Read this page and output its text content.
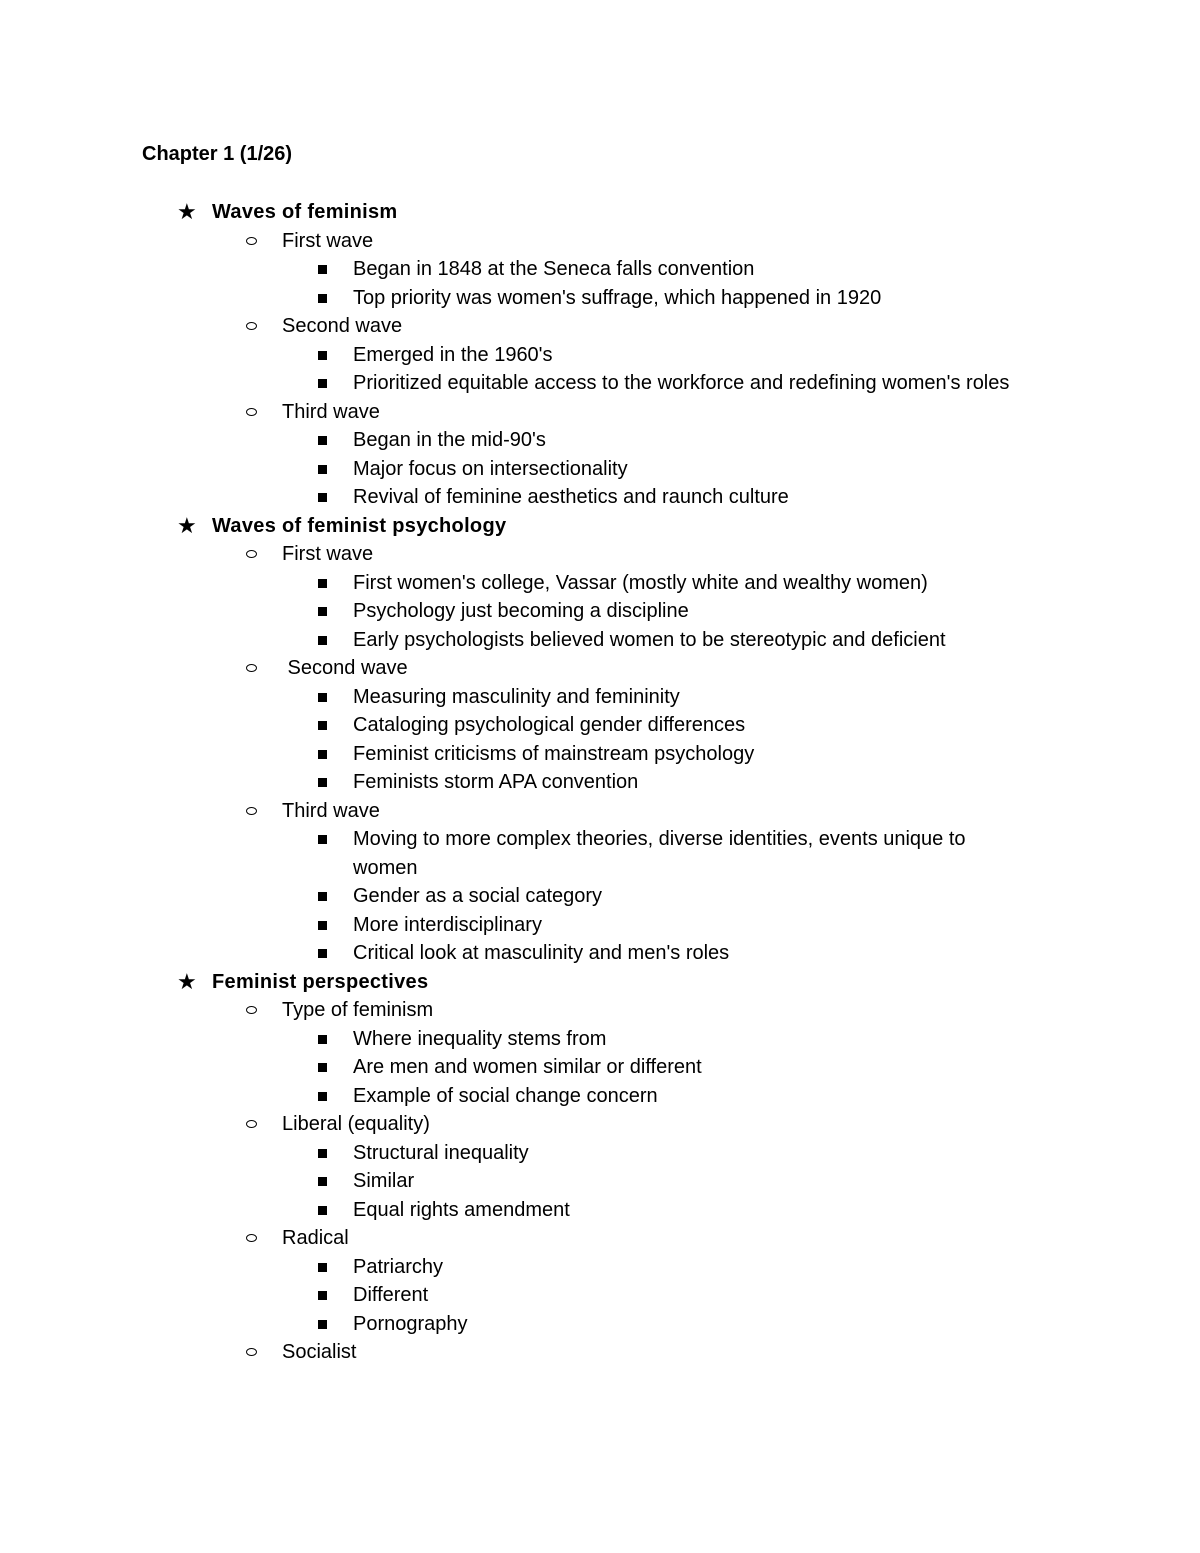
Chapter 1 (1/26)
★ Waves of feminism
First wave
Began in 1848 at the Seneca falls convention
Top priority was women's suffrage, which happened in 1920
Second wave
Emerged in the 1960's
Prioritized equitable access to the workforce and redefining women's roles
Third wave
Began in the mid-90's
Major focus on intersectionality
Revival of feminine aesthetics and raunch culture
★ Waves of feminist psychology
First wave
First women's college, Vassar (mostly white and wealthy women)
Psychology just becoming a discipline
Early psychologists believed women to be stereotypic and deficient
Second wave
Measuring masculinity and femininity
Cataloging psychological gender differences
Feminist criticisms of mainstream psychology
Feminists storm APA convention
Third wave
Moving to more complex theories, diverse identities, events unique to women
Gender as a social category
More interdisciplinary
Critical look at masculinity and men's roles
★ Feminist perspectives
Type of feminism
Where inequality stems from
Are men and women similar or different
Example of social change concern
Liberal (equality)
Structural inequality
Similar
Equal rights amendment
Radical
Patriarchy
Different
Pornography
Socialist
